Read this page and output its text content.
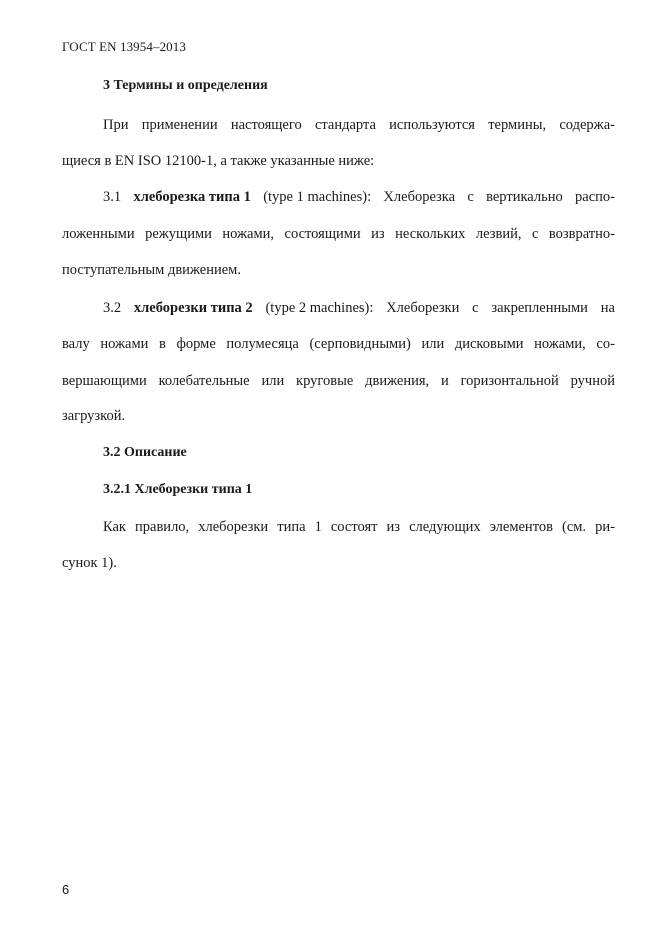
ГОСТ EN 13954–2013
3 Термины и определения
При применении настоящего стандарта используются термины, содержа-
щиеся в EN ISO 12100-1, а также указанные ниже:
3.1 хлеборезка типа 1 (type 1 machines): Хлеборезка с вертикально распо-
ложенными режущими ножами, состоящими из нескольких лезвий, с возвратно-
поступательным движением.
3.2 хлеборезки типа 2 (type 2 machines): Хлеборезки с закрепленными на
валу ножами в форме полумесяца (серповидными) или дисковыми ножами, со-
вершающими колебательные или круговые движения, и горизонтальной ручной
загрузкой.
3.2 Описание
3.2.1 Хлеборезки типа 1
Как правило, хлеборезки типа 1 состоят из следующих элементов (см. ри-
сунок 1).
6
